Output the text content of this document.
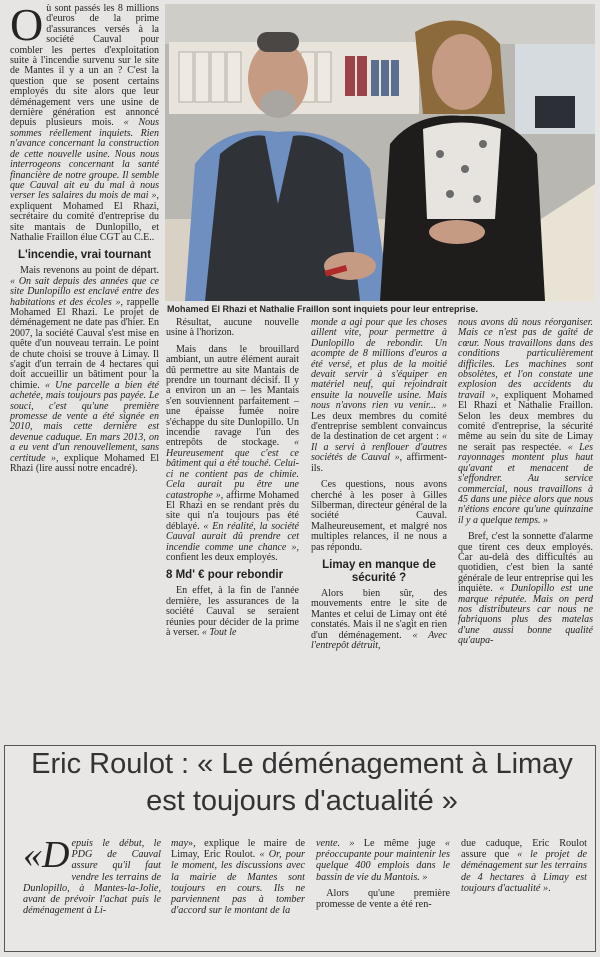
Où sont passés les 8 millions d'euros de la prime d'assurances versés à la société Cauval pour combler les pertes d'exploitation suite à l'incendie survenu sur le site de Mantes il y a un an ? C'est la question que se posent certains employés du site alors que leur déménagement vers une usine de dernière génération est annoncé depuis plusieurs mois. « Nous sommes réellement inquiets. Rien n'avance concernant la construction de cette nouvelle usine. Nous nous interrogeons concernant la santé financière de notre groupe. Il semble que Cauval ait eu du mal à nous verser les salaires du mois de mai », expliquent Mohamed El Rhazi, secrétaire du comité d'entreprise du site mantais de Dunlopillo, et Nathalie Fraillon élue CGT au C.E..

L'incendie, vrai tournant

 Mais revenons au point de départ. « On sait depuis des années que ce site Dunlopillo est enclavé entre des habitations et des écoles », rappelle Mohamed El Rhazi. Le projet de déménagement ne date pas d'hier. En 2007, la société Cauval s'est mise en quête d'un nouveau terrain. Le point de chute choisi se trouve à Limay. Il s'agit d'un terrain de 4 hectares qui doit accueillir un bâtiment pour la chimie. « Une parcelle a bien été achetée, mais toujours pas payée. Le souci, c'est qu'une première promesse de vente a été signée en 2010, mais cette dernière est devenue caduque. En mars 2013, on a eu vent d'un renouvellement, sans certitude », explique Mohamed El Rhazi (lire aussi notre encadré).

Mohamed El Rhazi et Nathalie Fraillon sont inquiets pour leur entreprise.

 Résultat, aucune nouvelle usine à l'horizon.

 Mais dans le brouillard ambiant, un autre élément aurait dû permettre au site Mantais de prendre un tournant décisif. Il y a environ un an – les Mantais s'en souviennent parfaitement – une épaisse fumée noire s'échappe du site Dunlopillo. Un incendie ravage l'un des entrepôts de stockage. « Heureusement que c'est ce bâtiment qui a été touché. Celui-ci ne contient pas de chimie. Cela aurait pu être une catastrophe », affirme Mohamed El Rhazi en se rendant près du site qui n'a toujours pas été déblayé. « En réalité, la société Cauval aurait dû prendre cet incendie comme une chance », confient les deux employés.

8 Md' € pour rebondir

 En effet, à la fin de l'année dernière, les assurances de la société Cauval se seraient réunies pour décider de la prime à verser. « Tout le

monde a agi pour que les choses aillent vite, pour permettre à Dunlopillo de rebondir. Un acompte de 8 millions d'euros a été versé, et plus de la moitié devait servir à s'équiper en matériel neuf, qui rejoindrait ensuite la nouvelle usine. Mais nous n'avons rien vu venir... » Les deux membres du comité d'entreprise semblent convaincus de la destination de cet argent : « Il a servi à renflouer d'autres sociétés de Cauval », affirment-ils.

 Ces questions, nous avons cherché à les poser à Gilles Silberman, directeur général de la société Cauval. Malheureusement, et malgré nos multiples relances, il ne nous a pas répondu.

Limay en manque de sécurité ?

 Alors bien sûr, des mouvements entre le site de Mantes et celui de Limay ont été constatés. Mais il ne s'agit en rien d'un déménagement. « Avec l'entrepôt détruit,

nous avons dû nous réorganiser. Mais ce n'est pas de gaîté de cœur. Nous travaillons dans des conditions particulièrement difficiles. Les machines sont obsolètes, et l'on constate une explosion des accidents du travail », expliquent Mohamed El Rhazi et Nathalie Fraillon. Selon les deux membres du comité d'entreprise, la sécurité même au sein du site de Limay ne serait pas respectée. « Les rayonnages montent plus haut qu'avant et menacent de s'effondrer. Au service commercial, nous travaillons à 45 dans une pièce alors que nous n'étions encore qu'une quinzaine il y a quelque temps. »

 Bref, c'est la sonnette d'alarme que tirent ces deux employés. Car au-delà des difficultés au quotidien, c'est bien la santé générale de leur entreprise qui les inquiète. « Dunlopillo est une marque réputée. Mais on perd nos distributeurs car nous ne fabriquons plus des matelas d'une aussi bonne qualité qu'aupa-

Eric Roulot : « Le déménagement à Limay
est toujours d'actualité »

«Depuis le début, le PDG de Cauval assure qu'il faut vendre les terrains de Dunlopillo, à Mantes-la-Jolie, avant de prévoir l'achat puis le déménagement à Li-

may», explique le maire de Limay, Eric Roulot. « Or, pour le moment, les discussions avec la mairie de Mantes sont toujours en cours. Ils ne parviennent pas à tomber d'accord sur le montant de la

vente. » Le même juge « préoccupante pour maintenir les quelque 400 emplois dans le bassin de vie du Mantois. »

 Alors qu'une première promesse de vente a été ren-

due caduque, Eric Roulot assure que « le projet de déménagement sur les terrains de 4 hectares à Limay est toujours d'actualité ».
